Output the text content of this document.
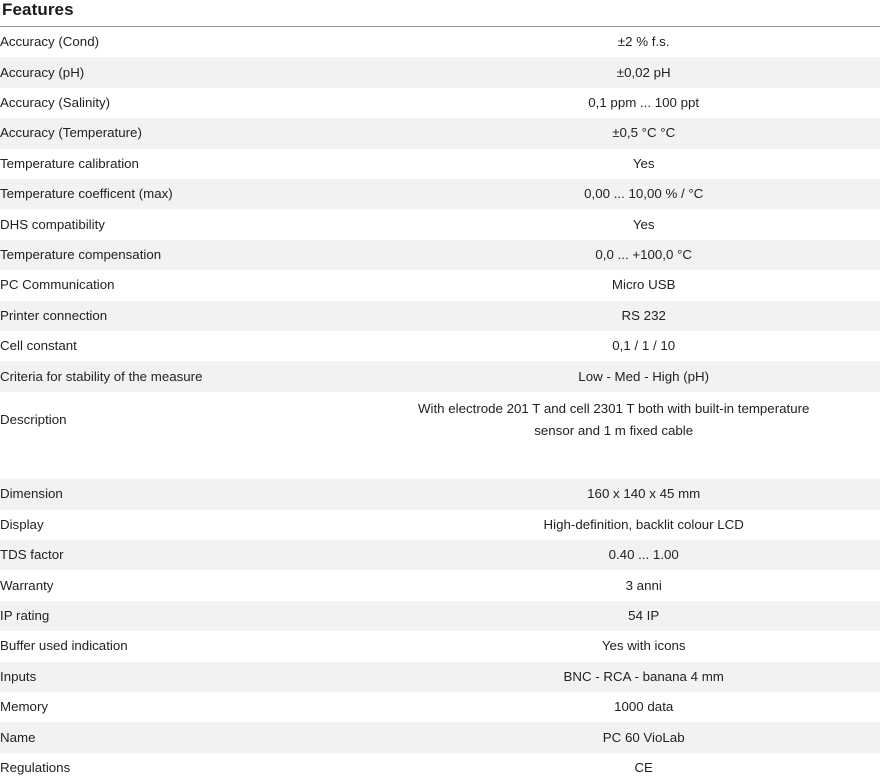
Features
Accuracy (Cond)	±2 % f.s.
Accuracy (pH)	±0,02 pH
Accuracy (Salinity)	0,1 ppm ... 100 ppt
Accuracy (Temperature)	±0,5 °C °C
Temperature calibration	Yes
Temperature coefficent (max)	0,00 ... 10,00 % / °C
DHS compatibility	Yes
Temperature compensation	0,0 ... +100,0 °C
PC Communication	Micro USB
Printer connection	RS 232
Cell constant	0,1 / 1 / 10
Criteria for stability of the measure	Low - Med - High (pH)
Description	With electrode 201 T and cell 2301 T both with built-in temperature sensor and 1 m fixed cable

Dimension	160 x 140 x 45 mm
Display	High-definition, backlit colour LCD
TDS factor	0.40 ... 1.00
Warranty	3 anni
IP rating	54 IP
Buffer used indication	Yes with icons
Inputs	BNC - RCA - banana 4 mm
Memory	1000 data
Name	PC 60 VioLab
Regulations	CE
